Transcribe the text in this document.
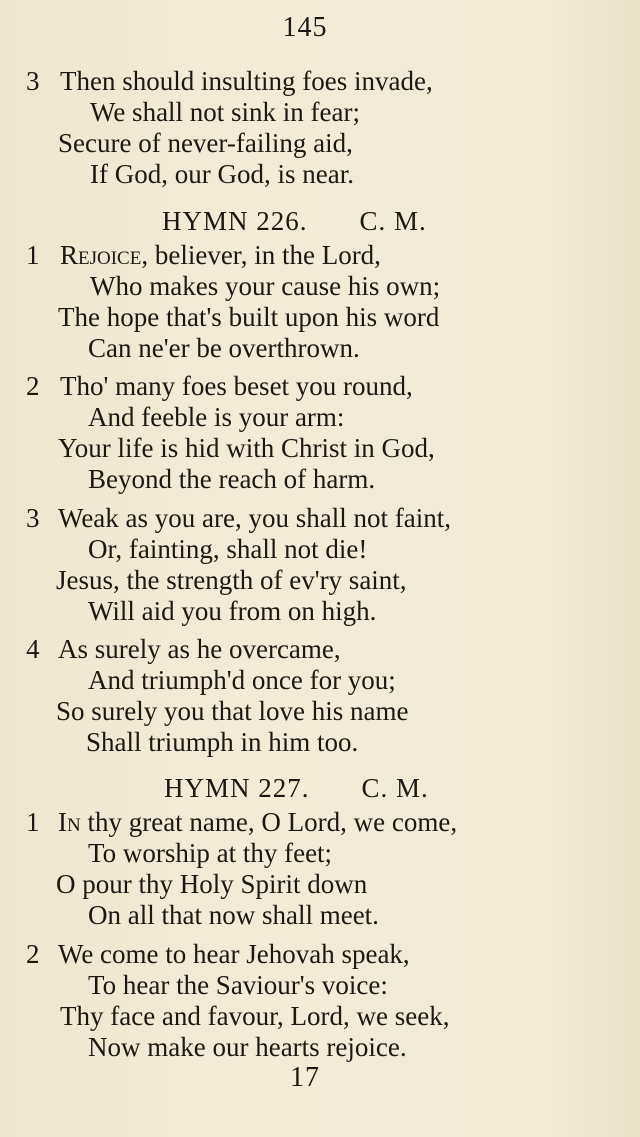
145
3 Then should insulting foes invade,
We shall not sink in fear;
Secure of never-failing aid,
If God, our God, is near.
HYMN 226. C. M.
1 Rejoice, believer, in the Lord,
Who makes your cause his own;
The hope that's built upon his word
Can ne'er be overthrown.
2 Tho' many foes beset you round,
And feeble is your arm:
Your life is hid with Christ in God,
Beyond the reach of harm.
3 Weak as you are, you shall not faint,
Or, fainting, shall not die!
Jesus, the strength of ev'ry saint,
Will aid you from on high.
4 As surely as he overcame,
And triumph'd once for you;
So surely you that love his name
Shall triumph in him too.
HYMN 227. C. M.
1 In thy great name, O Lord, we come,
To worship at thy feet;
O pour thy Holy Spirit down
On all that now shall meet.
2 We come to hear Jehovah speak,
To hear the Saviour's voice:
Thy face and favour, Lord, we seek,
Now make our hearts rejoice.
17
